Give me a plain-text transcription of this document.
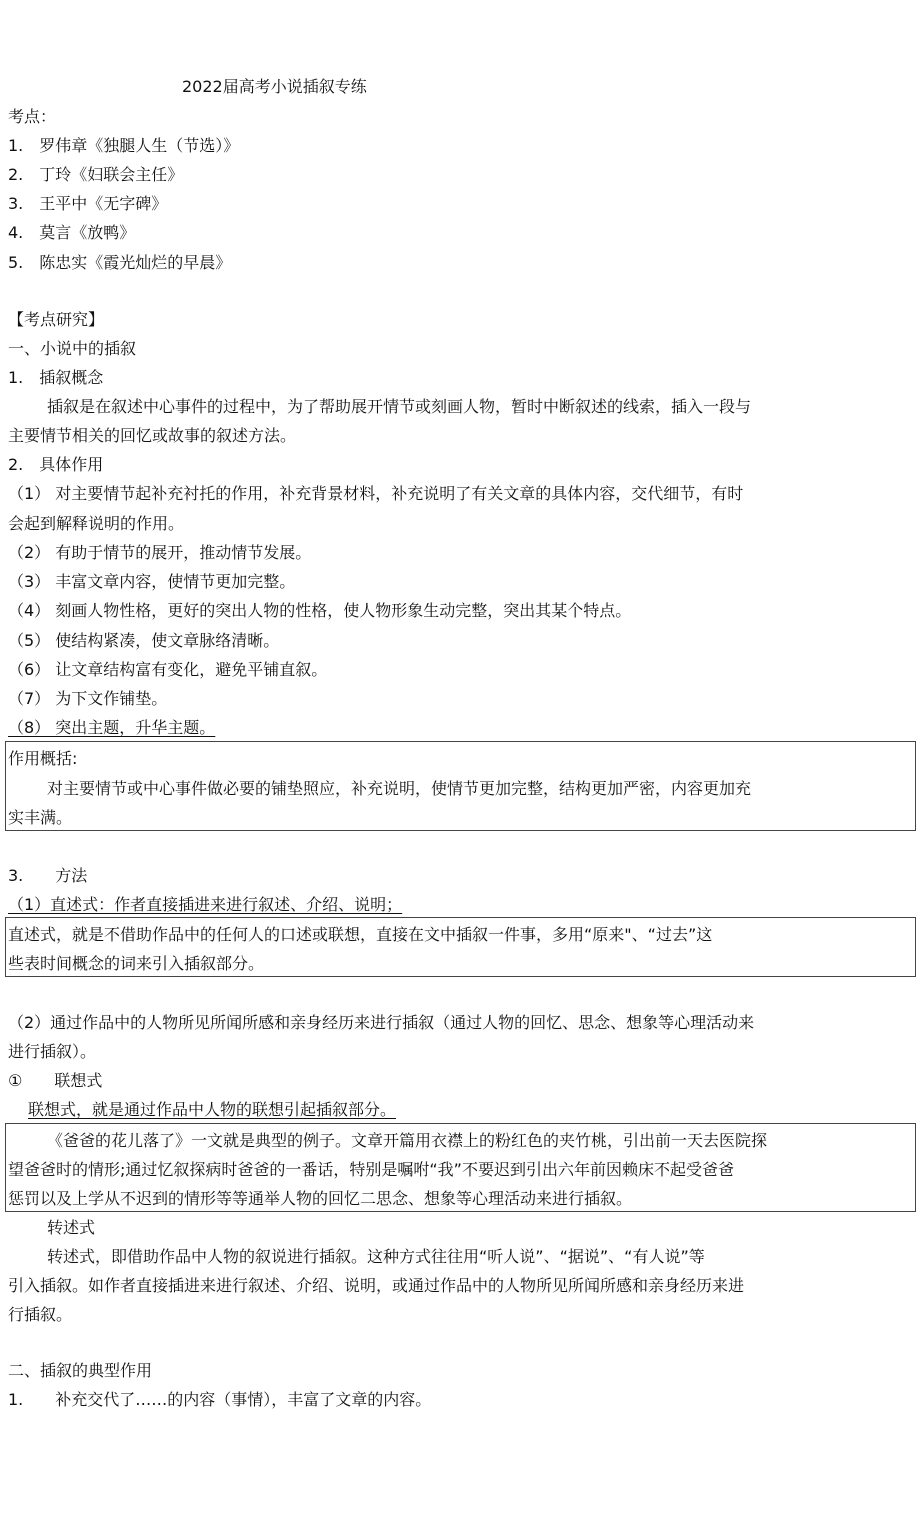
2022届高考小说插叙专练
考点：
1.　罗伟章《独腿人生（节选）》
2.　丁玲《妇联会主任》
3.　王平中《无字碑》
4.　莫言《放鸭》
5.　陈忠实《霞光灿烂的早晨》
【考点研究】
一、小说中的插叙
1.　插叙概念
插叙是在叙述中心事件的过程中，为了帮助展开情节或刻画人物，暂时中断叙述的线索，插入一段与
主要情节相关的回忆或故事的叙述方法。
2.　具体作用
（1） 对主要情节起补充衬托的作用，补充背景材料，补充说明了有关文章的具体内容，交代细节，有时
会起到解释说明的作用。
（2） 有助于情节的展开，推动情节发展。
（3） 丰富文章内容，使情节更加完整。
（4） 刻画人物性格，更好的突出人物的性格，使人物形象生动完整，突出其某个特点。
（5） 使结构紧凑，使文章脉络清晰。
（6） 让文章结构富有变化，避免平铺直叙。
（7） 为下文作铺垫。
（8） 突出主题，升华主题。
作用概括:
对主要情节或中心事件做必要的铺垫照应，补充说明，使情节更加完整，结构更加严密，内容更加充
实丰满。
3.　　方法
（1）直述式：作者直接插进来进行叙述、介绍、说明；
直述式，就是不借助作品中的任何人的口述或联想，直接在文中插叙一件事，多用“原来"、“过去”这
些表时间概念的词来引入插叙部分。
（2）通过作品中的人物所见所闻所感和亲身经历来进行插叙（通过人物的回忆、思念、想象等心理活动来
进行插叙）。
①　　联想式
联想式，就是通过作品中人物的联想引起插叙部分。
《爸爸的花儿落了》一文就是典型的例子。文章开篇用衣襟上的粉红色的夹竹桃，引出前一天去医院探
望爸爸时的情形;通过忆叙探病时爸爸的一番话，特别是嘱咐“我”不要迟到引出六年前因赖床不起受爸爸
惩罚以及上学从不迟到的情形等等通举人物的回忆二思念、想象等心理活动来进行插叙。
转述式
转述式，即借助作品中人物的叙说进行插叙。这种方式往往用“听人说”、“据说”、“有人说”等
引入插叙。如作者直接插进来进行叙述、介绍、说明，或通过作品中的人物所见所闻所感和亲身经历来进
行插叙。
二、插叙的典型作用
1.　　补充交代了……的内容（事情），丰富了文章的内容。
